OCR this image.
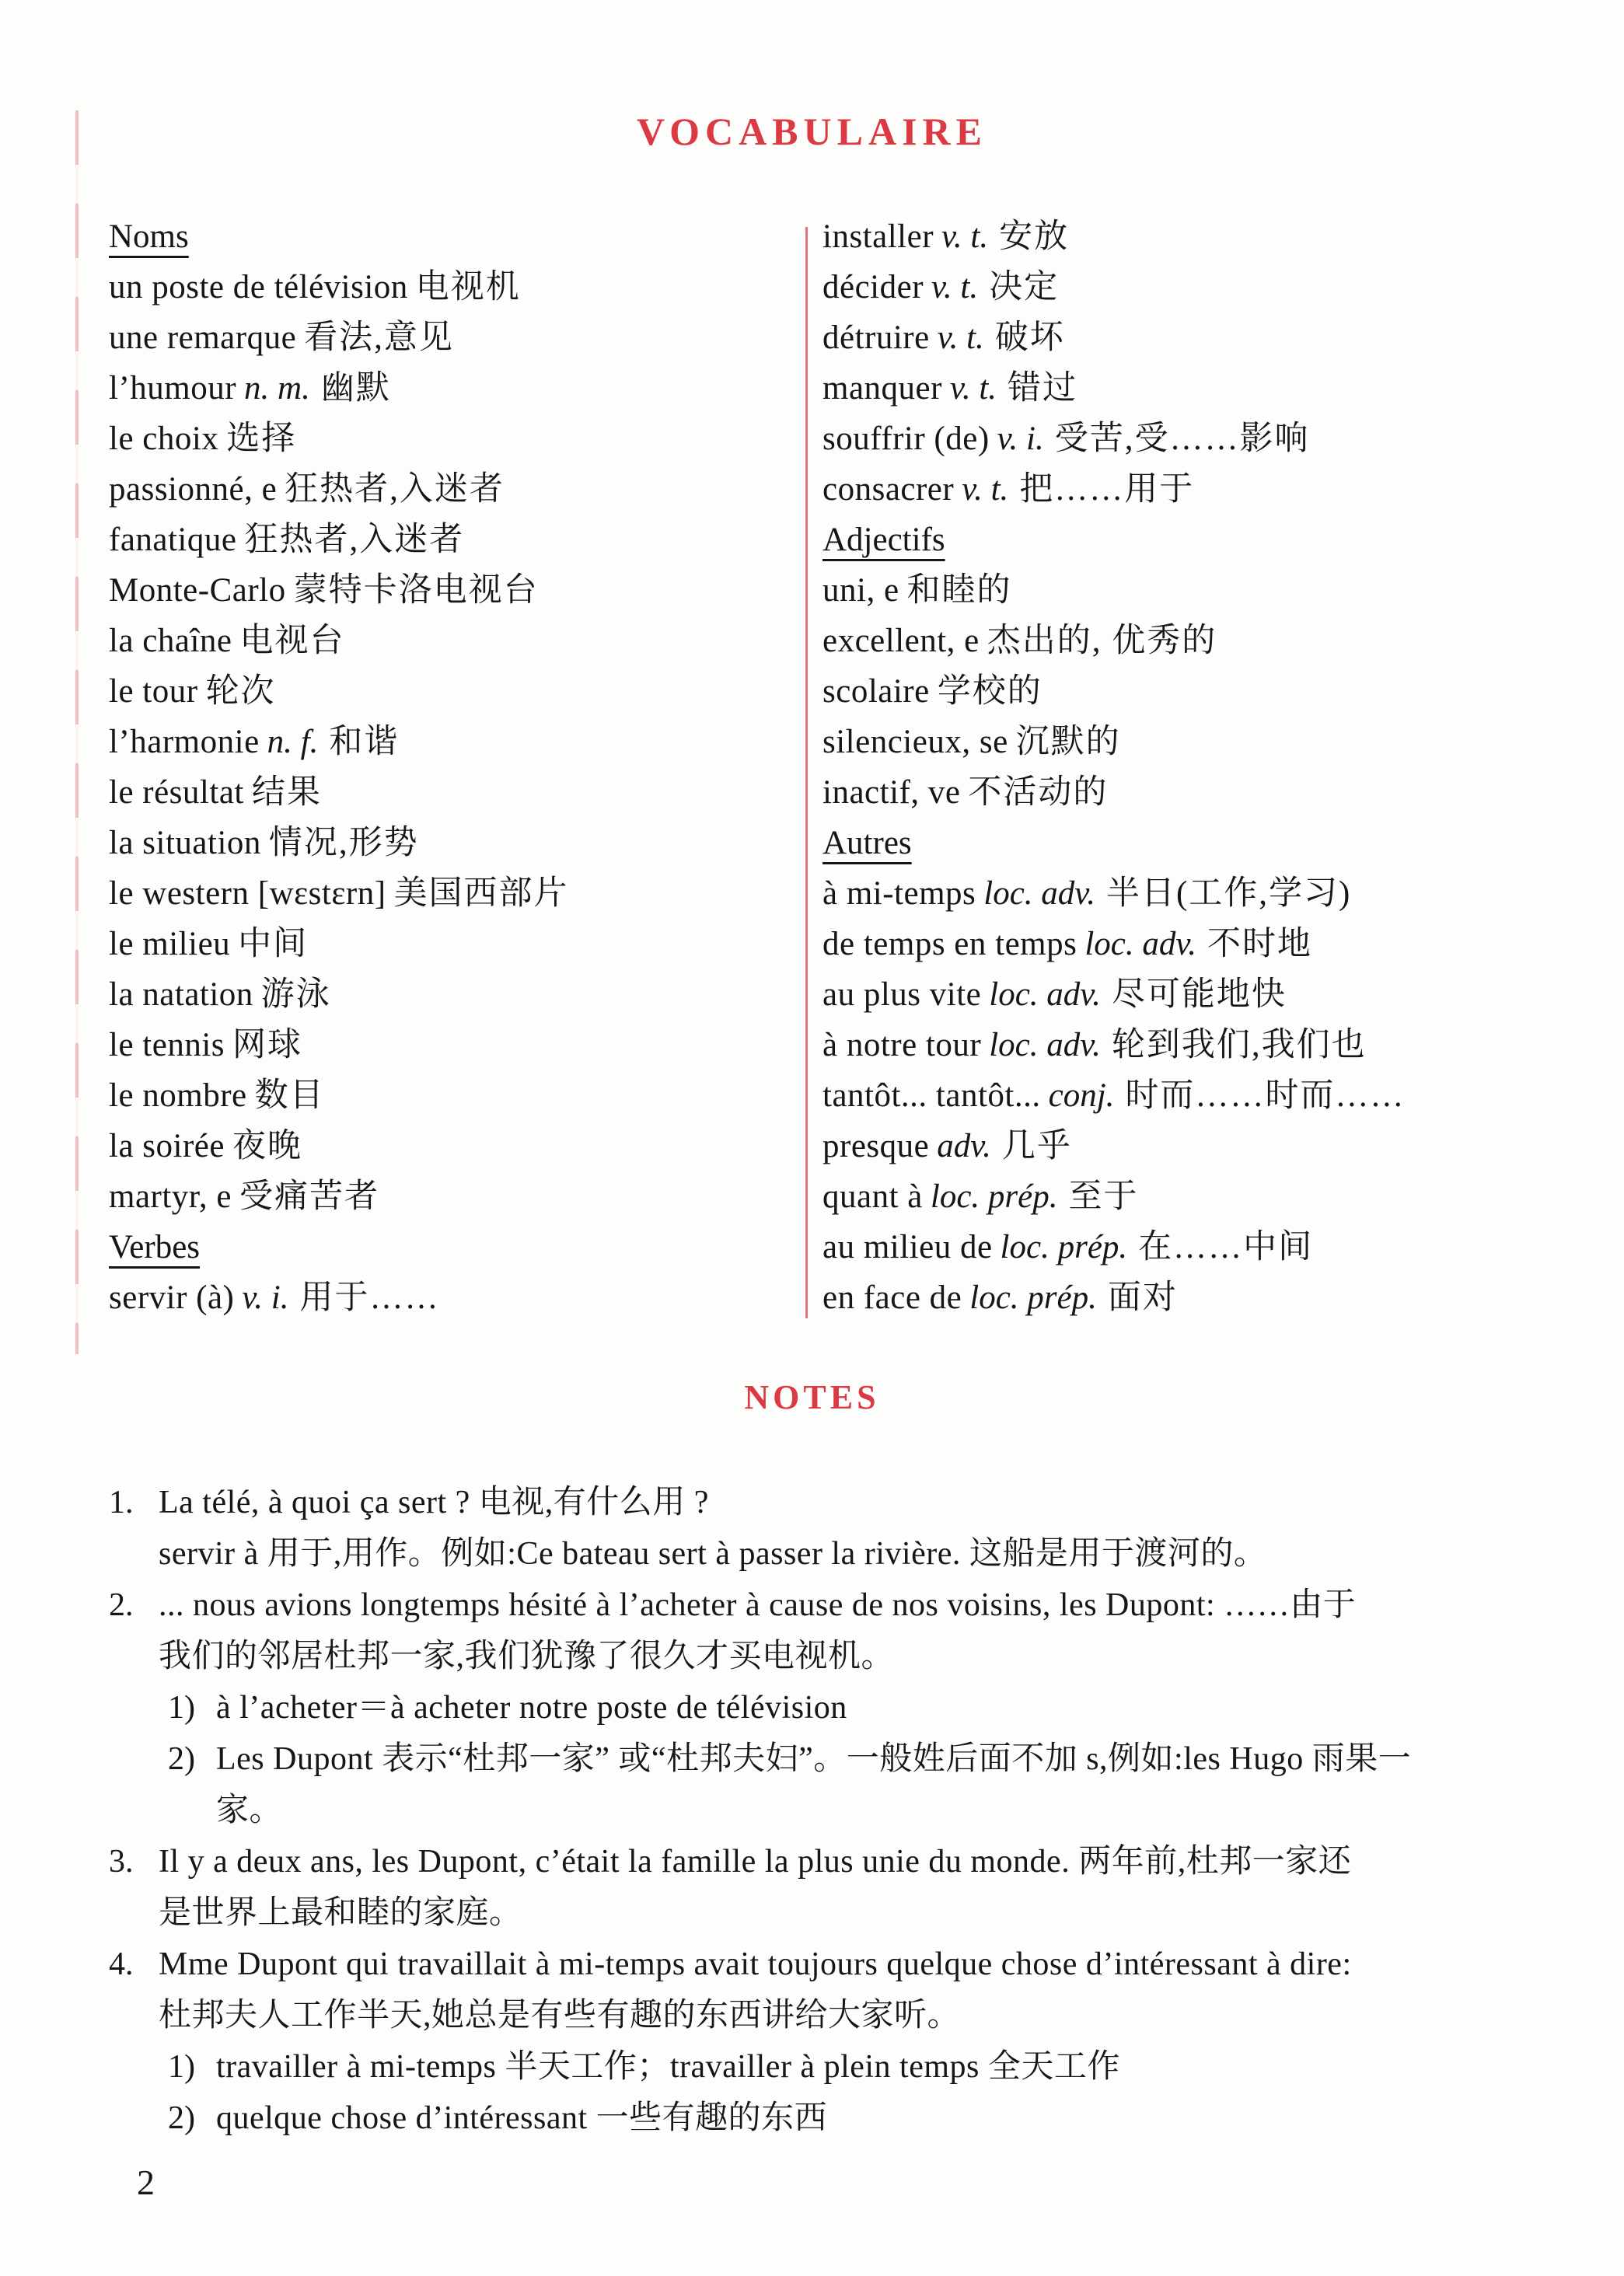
VOCABULAIRE
Noms
un poste de télévision 电视机
une remarque 看法,意见
l’humour n. m. 幽默
le choix 选择
passionné, e 狂热者,入迷者
fanatique 狂热者,入迷者
Monte-Carlo 蒙特卡洛电视台
la chaîne 电视台
le tour 轮次
l’harmonie n. f. 和谐
le résultat 结果
la situation 情况,形势
le western [wɛstɛrn] 美国西部片
le milieu 中间
la natation 游泳
le tennis 网球
le nombre 数目
la soirée 夜晚
martyr, e 受痛苦者
Verbes
servir (à) v. i. 用于……
installer v. t. 安放
décider v. t. 决定
détruire v. t. 破坏
manquer v. t. 错过
souffrir (de) v. i. 受苦,受……影响
consacrer v. t. 把……用于
Adjectifs
uni, e 和睦的
excellent, e 杰出的, 优秀的
scolaire 学校的
silencieux, se 沉默的
inactif, ve 不活动的
Autres
à mi-temps loc. adv. 半日(工作,学习)
de temps en temps loc. adv. 不时地
au plus vite loc. adv. 尽可能地快
à notre tour loc. adv. 轮到我们,我们也
tantôt... tantôt... conj. 时而……时而……
presque adv. 几乎
quant à loc. prép. 至于
au milieu de loc. prép. 在……中间
en face de loc. prép. 面对
NOTES
1. La télé, à quoi ça sert ? 电视,有什么用 ?
servir à 用于,用作。例如:Ce bateau sert à passer la rivière. 这船是用于渡河的。
2. ... nous avions longtemps hésité à l’acheter à cause de nos voisins, les Dupont: ……由于
我们的邻居杜邦一家,我们犹豫了很久才买电视机。
1) à l’acheter＝à acheter notre poste de télévision
2) Les Dupont 表示“杜邦一家” 或“杜邦夫妇”。一般姓后面不加 s,例如:les Hugo 雨果一
家。
3. Il y a deux ans, les Dupont, c’était la famille la plus unie du monde. 两年前,杜邦一家还
是世界上最和睦的家庭。
4. Mme Dupont qui travaillait à mi-temps avait toujours quelque chose d’intéressant à dire:
杜邦夫人工作半天,她总是有些有趣的东西讲给大家听。
1) travailler à mi-temps 半天工作；travailler à plein temps 全天工作
2) quelque chose d’intéressant 一些有趣的东西
2
